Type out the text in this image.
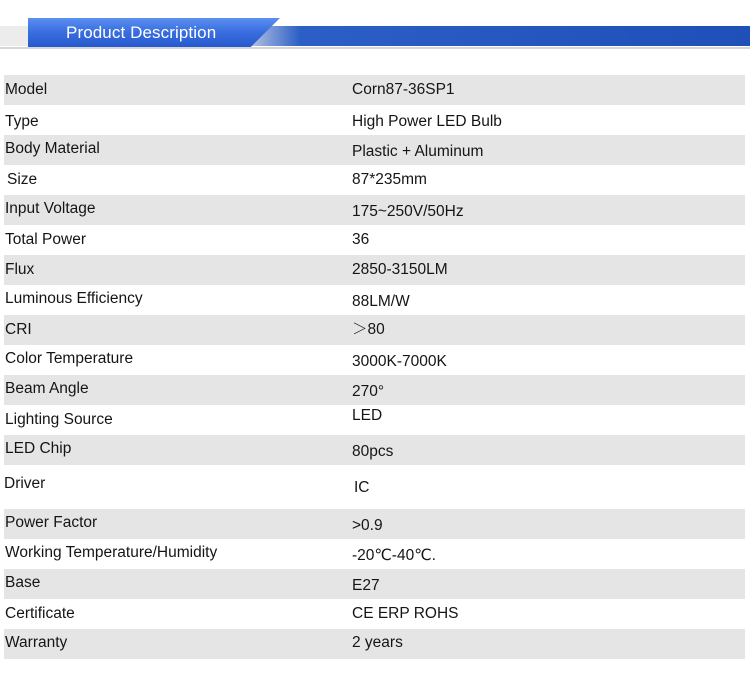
Product Description
Model	Corn87-36SP1
Type	High Power LED Bulb
Body Material	Plastic + Aluminum
Size	87*235mm
Input Voltage	175~250V/50Hz
Total Power	36
Flux	2850-3150LM
Luminous Efficiency	88LM/W
CRI	＞80
Color Temperature	3000K-7000K
Beam Angle	270°
Lighting Source	LED
LED Chip	80pcs
Driver	IC
Power Factor	>0.9
Working Temperature/Humidity	-20℃-40℃.
Base	E27
Certificate	CE ERP ROHS
Warranty	2 years
